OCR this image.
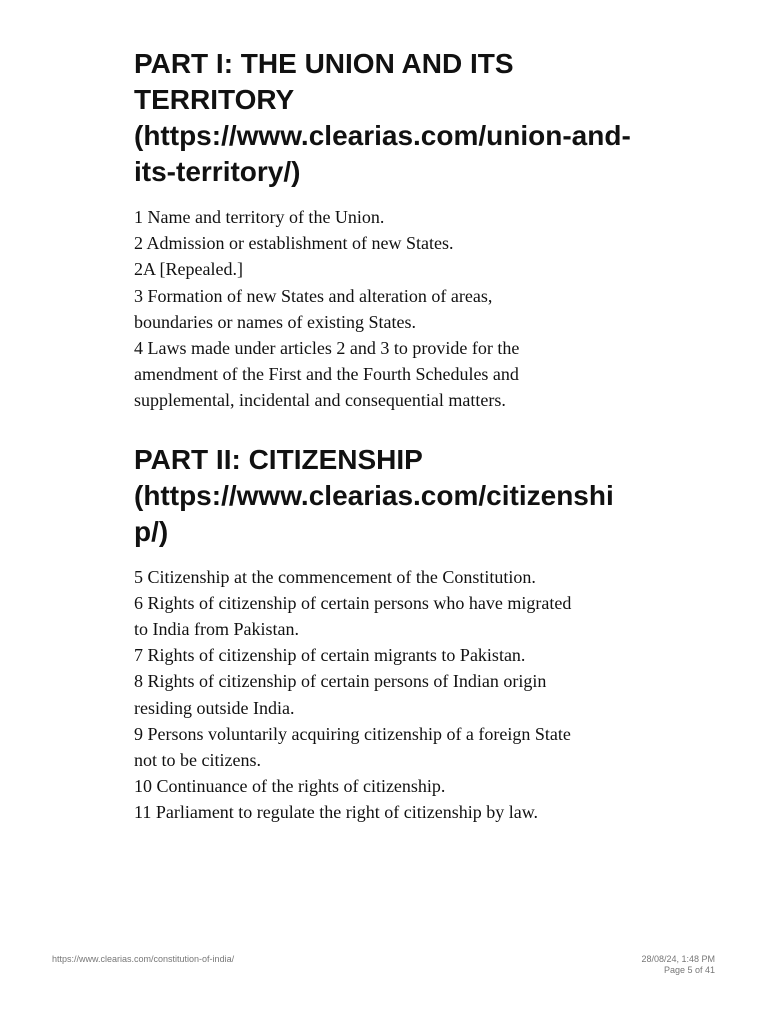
PART I: THE UNION AND ITS
TERRITORY
(https://www.clearias.com/union-and-its-territory/)

1 Name and territory of the Union.

2 Admission or establishment of new States.

2A [Repealed.]

3 Formation of new States and alteration of areas,

boundaries or names of existing States.

4 Laws made under articles 2 and 3 to provide for the

amendment of the First and the Fourth Schedules and

supplemental, incidental and consequential matters.

PART II: CITIZENSHIP
(https://www.clearias.com/citizenship/)

5 Citizenship at the commencement of the Constitution.

6 Rights of citizenship of certain persons who have migrated

to India from Pakistan.

7 Rights of citizenship of certain migrants to Pakistan.

8 Rights of citizenship of certain persons of Indian origin

residing outside India.

9 Persons voluntarily acquiring citizenship of a foreign State

not to be citizens.

10 Continuance of the rights of citizenship.

11 Parliament to regulate the right of citizenship by law.

https://www.clearias.com/constitution-of-india/	28/08/24, 1:48 PM
Page 5 of 41
